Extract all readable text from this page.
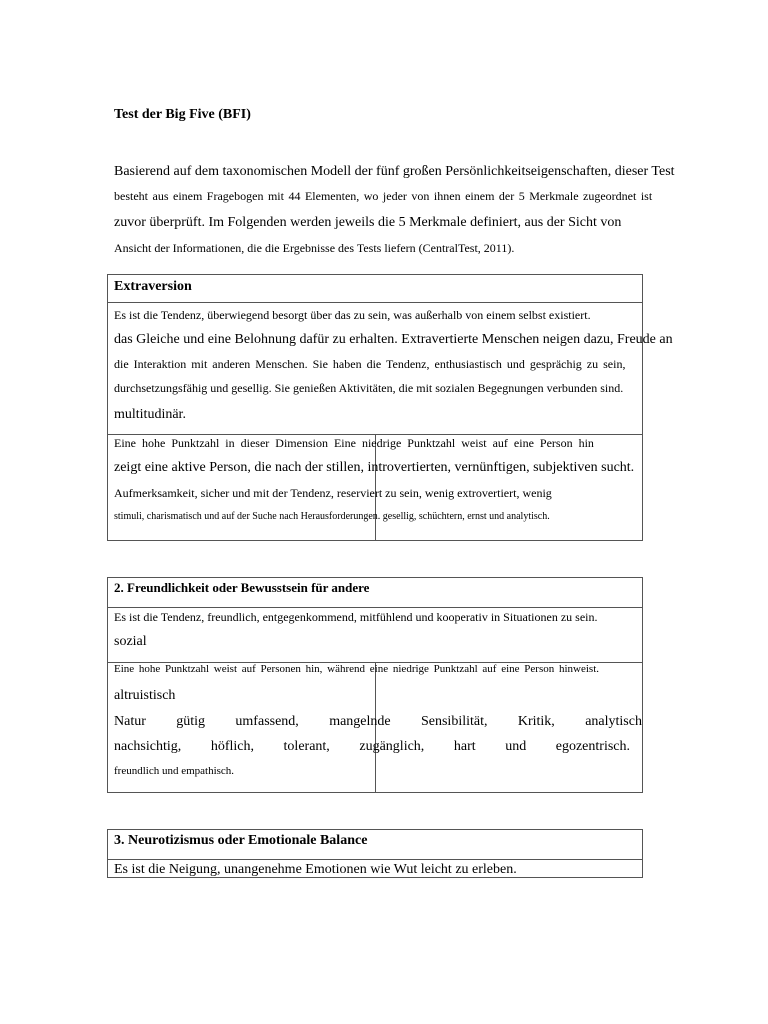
Test der Big Five (BFI)
Basierend auf dem taxonomischen Modell der fünf großen Persönlichkeitseigenschaften, dieser Test
besteht aus einem Fragebogen mit 44 Elementen, wo jeder von ihnen einem der 5 Merkmale zugeordnet ist
zuvor überprüft. Im Folgenden werden jeweils die 5 Merkmale definiert, aus der Sicht von
Ansicht der Informationen, die die Ergebnisse des Tests liefern (CentralTest, 2011).
Extraversion
Es ist die Tendenz, überwiegend besorgt über das zu sein, was außerhalb von einem selbst existiert.
das Gleiche und eine Belohnung dafür zu erhalten. Extravertierte Menschen neigen dazu, Freude an
die Interaktion mit anderen Menschen. Sie haben die Tendenz, enthusiastisch und gesprächig zu sein,
durchsetzungsfähig und gesellig. Sie genießen Aktivitäten, die mit sozialen Begegnungen verbunden sind.
multitudinär.
Eine hohe Punktzahl in dieser Dimension Eine niedrige Punktzahl weist auf eine Person hin
zeigt eine aktive Person, die nach der stillen, introvertierten, vernünftigen, subjektiven sucht.
Aufmerksamkeit, sicher und mit der Tendenz, reserviert zu sein, wenig extrovertiert, wenig
stimuli, charismatisch und auf der Suche nach Herausforderungen. gesellig, schüchtern, ernst und analytisch.
2. Freundlichkeit oder Bewusstsein für andere
Es ist die Tendenz, freundlich, entgegenkommend, mitfühlend und kooperativ in Situationen zu sein.
sozial
Eine hohe Punktzahl weist auf Personen hin, während eine niedrige Punktzahl auf eine Person hinweist.
altruistisch
Natur gütig umfassend, mangelnde Sensibilität, Kritik, analytisch
nachsichtig, höflich, tolerant, zugänglich, hart und egozentrisch.
freundlich und empathisch.
3. Neurotizismus oder Emotionale Balance
Es ist die Neigung, unangenehme Emotionen wie Wut leicht zu erleben.
